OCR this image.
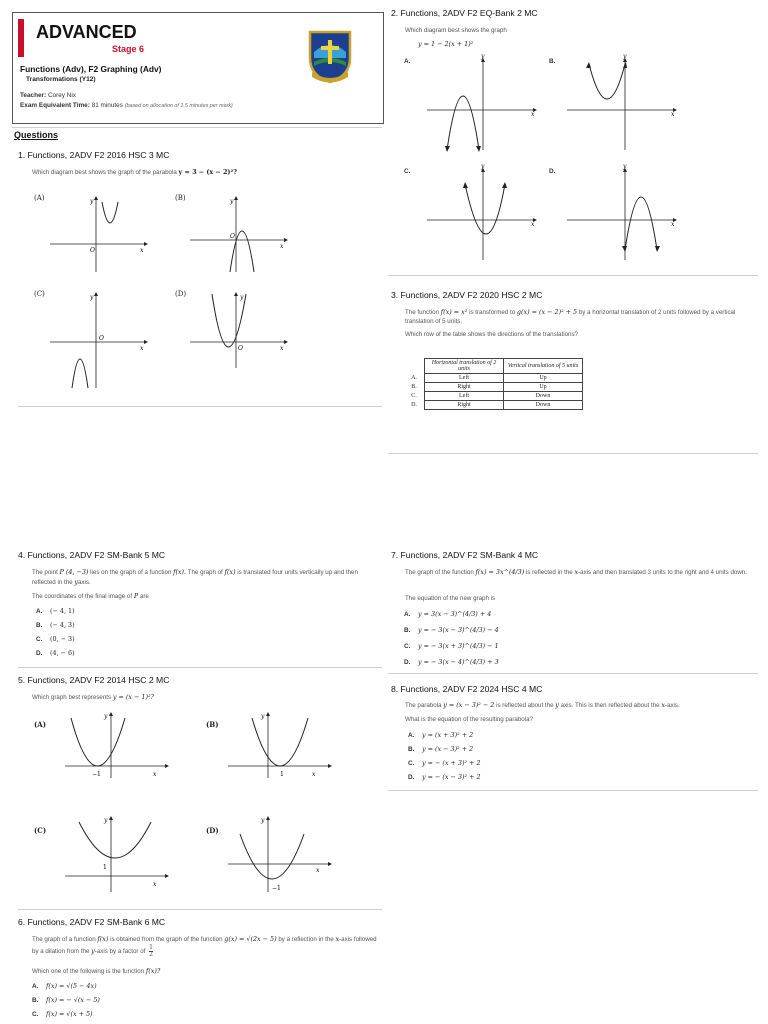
ADVANCED
Stage 6
Functions (Adv), F2 Graphing (Adv)
Transformations (Y12)
Teacher: Corey Nix
Exam Equivalent Time: 81 minutes (based on allocation of 1.5 minutes per mark)
Questions
1. Functions, 2ADV F2 2016 HSC 3 MC
Which diagram best shows the graph of the parabola y = 3 − (x − 2)²?
(A)
x
y
O
(B)
x
y
O
(C)
x
y
O
(D)
x
y
O
2. Functions, 2ADV F2 EQ-Bank 2 MC
Which diagram best shows the graph
y = 1 − 2(x + 1)²
A.
x
y
B.
x
y
C.
x
y
D.
x
y
3. Functions, 2ADV F2 2020 HSC 2 MC
The function f(x) = x² is transformed to g(x) = (x − 2)² + 5 by a horizontal translation of 2 units followed by a vertical translation of 5 units.
Which row of the table shows the directions of the translations?
	Horizontal translation of 2 units	Vertical translation of 5 units
A.	Left	Up
B.	Right	Up
C.	Left	Down
D.	Right	Down
4. Functions, 2ADV F2 SM-Bank 5 MC
The point P (4, −3) lies on the graph of a function f(x). The graph of f(x) is translated four units vertically up and then reflected in the yaxis.
The coordinates of the final image of P are
A. (− 4, 1)
B. (− 4, 3)
C. (0, − 3)
D. (4, − 6)
5. Functions, 2ADV F2 2014 HSC 2 MC
Which graph best represents y = (x − 1)²?
(A)
x
y
−1
(B)
x
y
1
(C)
x
y
1
(D)
x
y
−1
6. Functions, 2ADV F2 SM-Bank 6 MC
The graph of a function f(x) is obtained from the graph of the function g(x) = √(2x − 5) by a reflection in the x-axis followed by a dilation from the y-axis by a factor of $\frac{1}{2}$
Which one of the following is the function f(x)?
A. f(x) = √(5 − 4x)
B. f(x) = − √(x − 5)
C. f(x) = √(x + 5)
7. Functions, 2ADV F2 SM-Bank 4 MC
The graph of the function f(x) = 3x^(4/3) is reflected in the x-axis and then translated 3 units to the right and 4 units down.
The equation of the new graph is
A. y = 3(x − 3)^(4/3) + 4
B. y = − 3(x − 3)^(4/3) − 4
C. y = − 3(x + 3)^(4/3) − 1
D. y = − 3(x − 4)^(4/3) + 3
8. Functions, 2ADV F2 2024 HSC 4 MC
The parabola y = (x − 3)² − 2 is reflected about the y axis. This is then reflected about the x-axis.
What is the equation of the resulting parabola?
A. y = (x + 3)² + 2
B. y = (x − 3)² + 2
C. y = − (x + 3)² + 2
D. y = − (x − 3)² + 2
